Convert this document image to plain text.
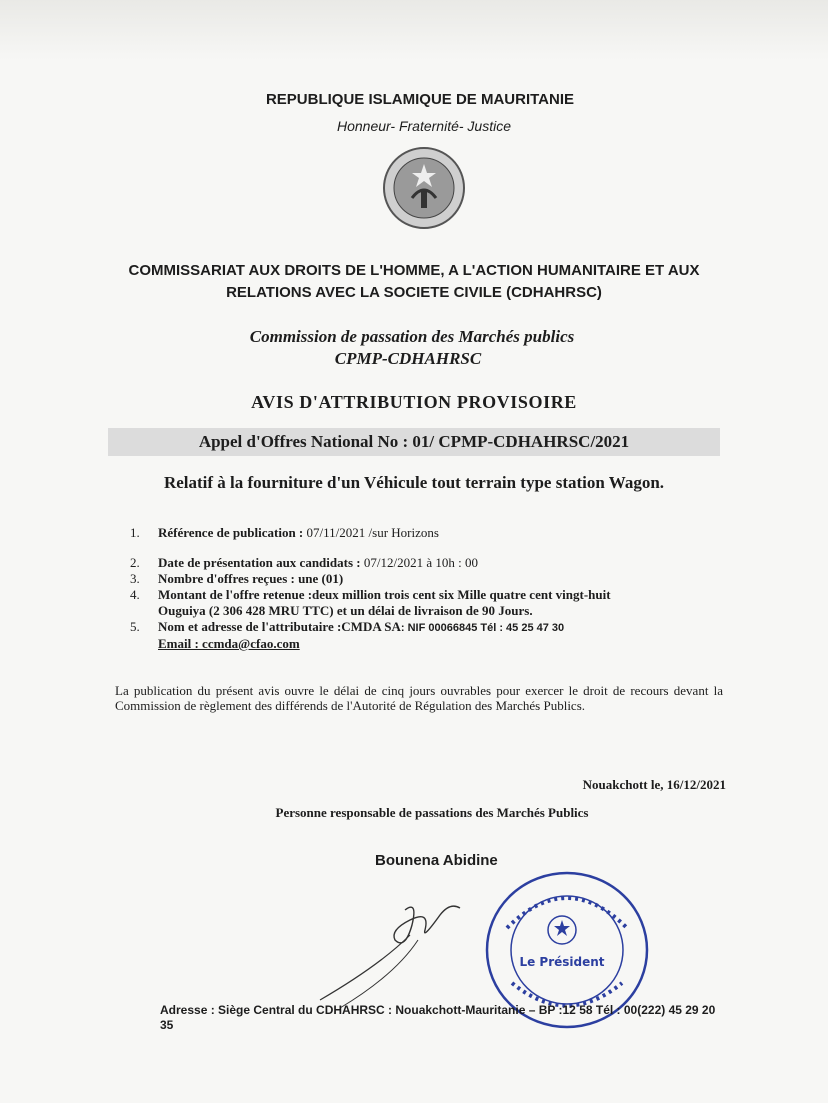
REPUBLIQUE ISLAMIQUE DE MAURITANIE
Honneur- Fraternité- Justice
COMMISSARIAT AUX DROITS DE L'HOMME, A L'ACTION HUMANITAIRE ET AUX
RELATIONS AVEC LA SOCIETE CIVILE (CDHAHRSC)
Commission de passation des Marchés publics
CPMP-CDHAHRSC
AVIS D'ATTRIBUTION PROVISOIRE
Appel d'Offres National No : 01/ CPMP-CDHAHRSC/2021
Relatif à la fourniture d'un Véhicule tout terrain type station Wagon.
1. Référence de publication : 07/11/2021 /sur Horizons
2. Date de présentation aux candidats : 07/12/2021 à 10h : 00
3. Nombre d'offres reçues : une (01)
4. Montant de l'offre retenue :deux million trois cent six Mille quatre cent vingt-huit Ouguiya (2 306 428 MRU TTC) et un délai de livraison de 90 Jours.
5. Nom et adresse de l'attributaire :CMDA SA: NIF 00066845 Tél : 45 25 47 30
Email : ccmda@cfao.com
La publication du présent avis ouvre le délai de cinq jours ouvrables pour exercer le droit de recours devant la Commission de règlement des différends de l'Autorité de Régulation des Marchés Publics.
Nouakchott le, 16/12/2021
Personne responsable de passations des Marchés Publics
Bounena Abidine
Le Président
Adresse : Siège Central du CDHAHRSC : Nouakchott-Mauritanie – BP :12 58 Tél : 00(222) 45 29 20 35
